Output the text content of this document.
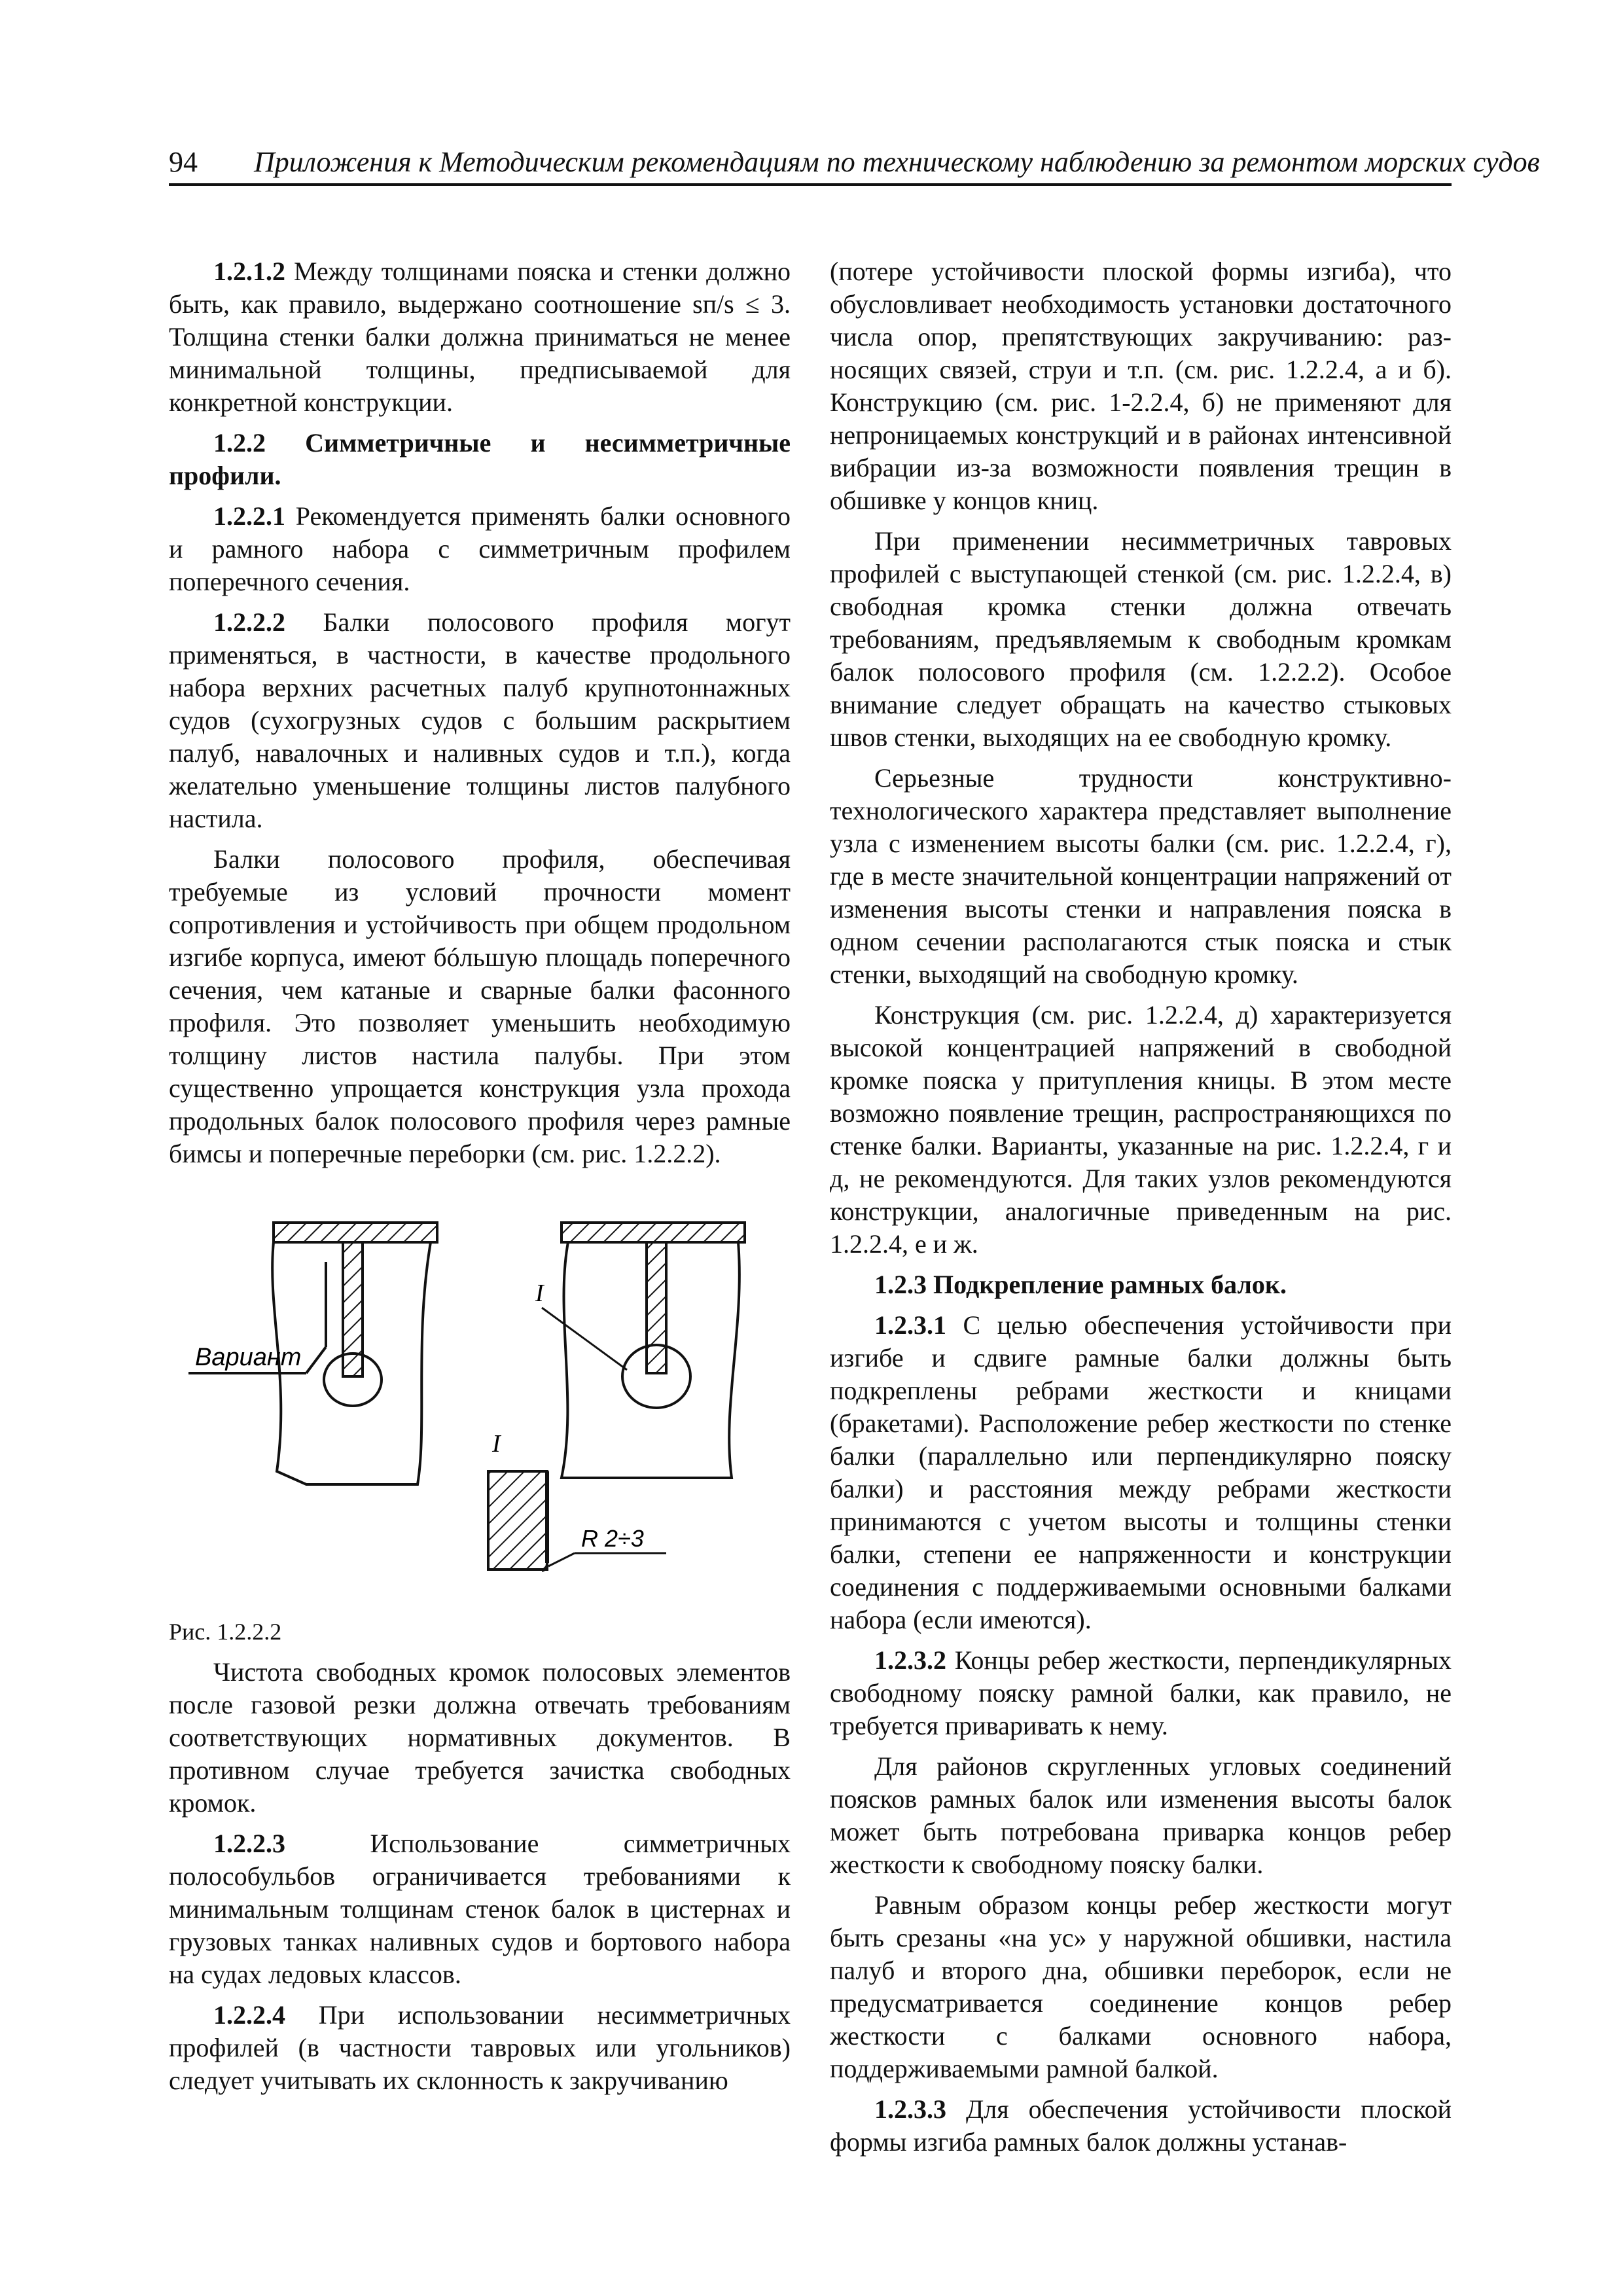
94 Приложения к Методическим рекомендациям по техническому наблюдению за ремонтом морских судов

1.2.1.2 Между толщинами пояска и стенки должно быть, как правило, выдержано соотношение sп/s ≤ 3. Толщина стенки балки должна приниматься не менее минимальной толщины, предписываемой для конкретной конструкции.

1.2.2 Симметричные и несимметричные профили.

1.2.2.1 Рекомендуется применять балки основного и рамного набора с симметричным профилем поперечного сечения.

1.2.2.2 Балки полосового профиля могут применяться, в частности, в качестве продольного набора верхних расчетных палуб крупнотоннажных судов (сухогрузных судов с большим раскрытием палуб, навалочных и наливных судов и т.п.), когда желательно уменьшение толщины листов палубного настила.

Балки полосового профиля, обеспечивая требуемые из условий прочности момент сопротивления и устойчивость при общем продольном изгибе корпуса, имеют бóльшую площадь поперечного сечения, чем катаные и сварные балки фасонного профиля. Это позволяет уменьшить необходимую толщину листов настила палубы. При этом существенно упрощается конструкция узла прохода продольных балок полосового профиля через рамные бимсы и поперечные переборки (см. рис. 1.2.2.2).

Вариант
I
I
R 2÷3

Рис. 1.2.2.2

Чистота свободных кромок полосовых элементов после газовой резки должна отвечать требованиям соответствующих нормативных документов. В противном случае требуется зачистка свободных кромок.

1.2.2.3 Использование симметричных полособульбов ограничивается требованиями к минимальным толщинам стенок балок в цистернах и грузовых танках наливных судов и бортового набора на судах ледовых классов.

1.2.2.4 При использовании несимметричных профилей (в частности тавровых или угольников) следует учитывать их склонность к закручиванию

(потере устойчивости плоской формы изгиба), что обусловливает необходимость установки достаточного числа опор, препятствующих закручиванию: раз-носящих связей, струи и т.п. (см. рис. 1.2.2.4, а и б). Конструкцию (см. рис. 1-2.2.4, б) не применяют для непроницаемых конструкций и в районах интенсивной вибрации из-за возможности появления трещин в обшивке у концов книц.

При применении несимметричных тавровых профилей с выступающей стенкой (см. рис. 1.2.2.4, в) свободная кромка стенки должна отвечать требованиям, предъявляемым к свободным кромкам балок полосового профиля (см. 1.2.2.2). Особое внимание следует обращать на качество стыковых швов стенки, выходящих на ее свободную кромку.

Серьезные трудности конструктивно-технологического характера представляет выполнение узла с изменением высоты балки (см. рис. 1.2.2.4, г), где в месте значительной концентрации напряжений от изменения высоты стенки и направления пояска в одном сечении располагаются стык пояска и стык стенки, выходящий на свободную кромку.

Конструкция (см. рис. 1.2.2.4, д) характеризуется высокой концентрацией напряжений в свободной кромке пояска у притупления кницы. В этом месте возможно появление трещин, распространяющихся по стенке балки. Варианты, указанные на рис. 1.2.2.4, г и д, не рекомендуются. Для таких узлов рекомендуются конструкции, аналогичные приведенным на рис. 1.2.2.4, е и ж.

1.2.3 Подкрепление рамных балок.

1.2.3.1 С целью обеспечения устойчивости при изгибе и сдвиге рамные балки должны быть подкреплены ребрами жесткости и кницами (бракетами). Расположение ребер жесткости по стенке балки (параллельно или перпендикулярно пояску балки) и расстояния между ребрами жесткости принимаются с учетом высоты и толщины стенки балки, степени ее напряженности и конструкции соединения с поддерживаемыми основными балками набора (если имеются).

1.2.3.2 Концы ребер жесткости, перпендикулярных свободному пояску рамной балки, как правило, не требуется приваривать к нему.

Для районов скругленных угловых соединений поясков рамных балок или изменения высоты балок может быть потребована приварка концов ребер жесткости к свободному пояску балки.

Равным образом концы ребер жесткости могут быть срезаны «на ус» у наружной обшивки, настила палуб и второго дна, обшивки переборок, если не предусматривается соединение концов ребер жесткости с балками основного набора, поддерживаемыми рамной балкой.

1.2.3.3 Для обеспечения устойчивости плоской формы изгиба рамных балок должны устанав-
